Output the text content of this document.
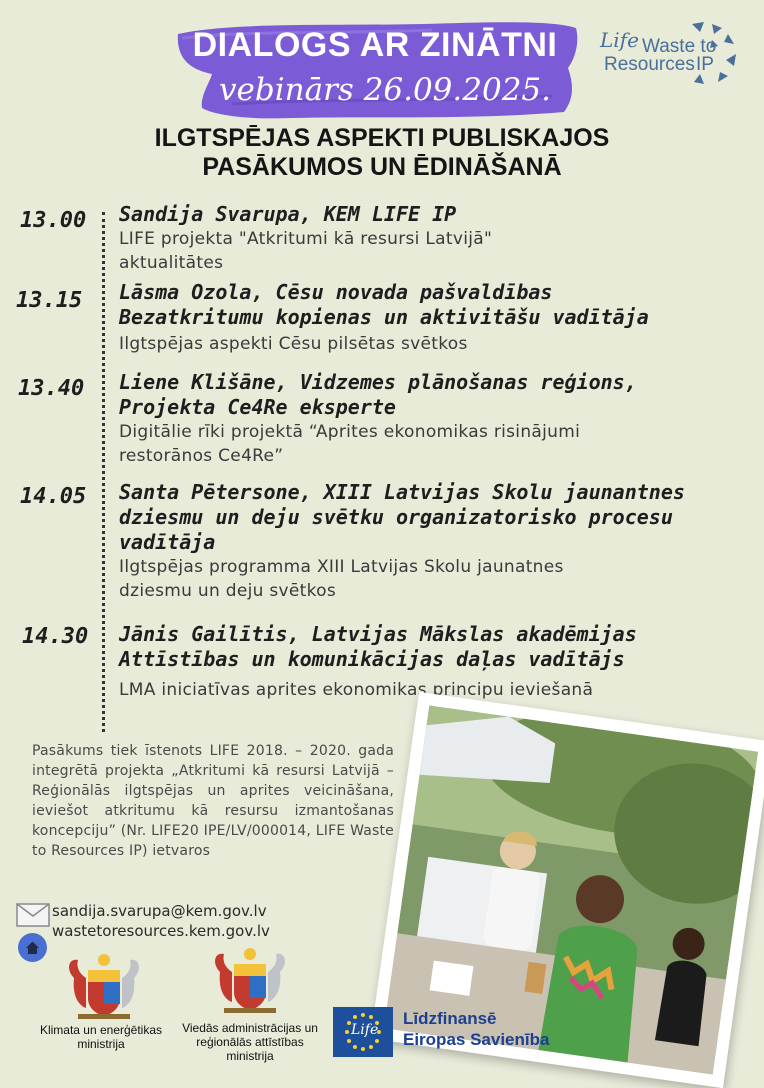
DIALOGS AR ZINĀTNI
vebinārs 26.09.2025.
Life Waste to
Resources IP
ILGTSPĒJAS ASPEKTI PUBLISKAJOS
PASĀKUMOS UN ĒDINĀŠANĀ
13.00 Sandija Svarupa, KEM LIFE IP
LIFE projekta "Atkritumi kā resursi Latvijā"
aktualitātes
13.15 Lāsma Ozola, Cēsu novada pašvaldības
Bezatkritumu kopienas un aktivitāšu vadītāja
Ilgtspējas aspekti Cēsu pilsētas svētkos
13.40 Liene Klišāne, Vidzemes plānošanas reģions,
Projekta Ce4Re eksperte
Digitālie rīki projektā “Aprites ekonomikas risinājumi
restorānos Ce4Re”
14.05 Santa Pētersone, XIII Latvijas Skolu jaunantnes
dziesmu un deju svētku organizatorisko procesu
vadītāja
Ilgtspējas programma XIII Latvijas Skolu jaunatnes
dziesmu un deju svētkos
14.30 Jānis Gailītis, Latvijas Mākslas akadēmijas
Attīstības un komunikācijas daļas vadītājs
LMA iniciatīvas aprites ekonomikas principu ieviešanā
Pasākums tiek īstenots LIFE 2018. – 2020. gada integrētā projekta „Atkritumi kā resursi Latvijā – Reģionālās ilgtspējas un aprites veicināšana, ieviešot atkritumu kā resursu izmantošanas koncepciju” (Nr. LIFE20 IPE/LV/000014, LIFE Waste to Resources IP) ietvaros
sandija.svarupa@kem.gov.lv
wastetoresources.kem.gov.lv
Klimata un enerģētikas
ministrija
Viedās administrācijas un
reģionālās attīstības
ministrija
Life
Līdzfinansē
Eiropas Savienība
